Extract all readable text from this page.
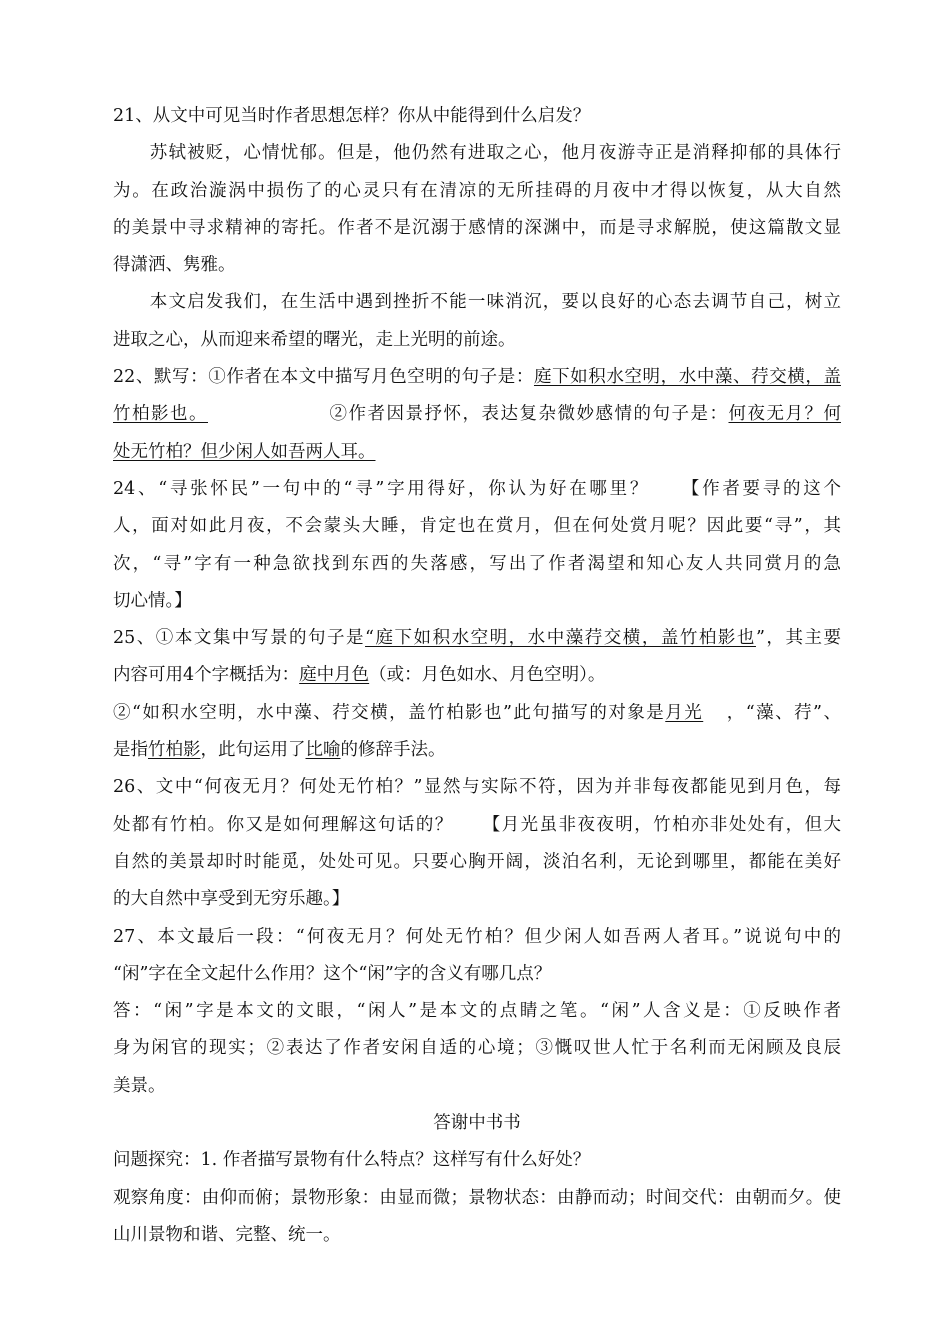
21、从文中可见当时作者思想怎样？你从中能得到什么启发？

苏轼被贬，心情忧郁。但是，他仍然有进取之心，他月夜游寺正是消释抑郁的具体行

为。在政治漩涡中损伤了的心灵只有在清凉的无所挂碍的月夜中才得以恢复，从大自然

的美景中寻求精神的寄托。作者不是沉溺于感情的深渊中，而是寻求解脱，使这篇散文显

得潇洒、隽雅。

本文启发我们，在生活中遇到挫折不能一味消沉，要以良好的心态去调节自己，树立

进取之心，从而迎来希望的曙光，走上光明的前途。

22、默写：①作者在本文中描写月色空明的句子是：庭下如积水空明，水中藻、荇交横，盖

竹柏影也。	②作者因景抒怀，表达复杂微妙感情的句子是：何夜无月？何

处无竹柏？但少闲人如吾两人耳。

24、“寻张怀民”一句中的“寻”字用得好，你认为好在哪里？　　【作者要寻的这个

人，面对如此月夜，不会蒙头大睡，肯定也在赏月，但在何处赏月呢？因此要“寻”，其

次，“寻”字有一种急欲找到东西的失落感，写出了作者渴望和知心友人共同赏月的急

切心情。】

25、①本文集中写景的句子是“庭下如积水空明，水中藻荇交横，盖竹柏影也”，其主要

内容可用4个字概括为：庭中月色（或：月色如水、月色空明）。

②“如积水空明，水中藻、荇交横，盖竹柏影也”此句描写的对象是月光 ，“藻、荇”、

是指竹柏影，此句运用了比喻的修辞手法。

26、文中“何夜无月？何处无竹柏？”显然与实际不符，因为并非每夜都能见到月色，每

处都有竹柏。你又是如何理解这句话的？　　【月光虽非夜夜明，竹柏亦非处处有，但大

自然的美景却时时能觅，处处可见。只要心胸开阔，淡泊名利，无论到哪里，都能在美好

的大自然中享受到无穷乐趣。】

27、本文最后一段：“何夜无月？何处无竹柏？但少闲人如吾两人者耳。”说说句中的

“闲”字在全文起什么作用？这个“闲”字的含义有哪几点？

答：“闲”字是本文的文眼，“闲人”是本文的点睛之笔。“闲”人含义是：①反映作者

身为闲官的现实；②表达了作者安闲自适的心境；③慨叹世人忙于名利而无闲顾及良辰

美景。

答谢中书书

问题探究：1. 作者描写景物有什么特点？这样写有什么好处？

观察角度：由仰而俯；景物形象：由显而微；景物状态：由静而动；时间交代：由朝而夕。使

山川景物和谐、完整、统一。
